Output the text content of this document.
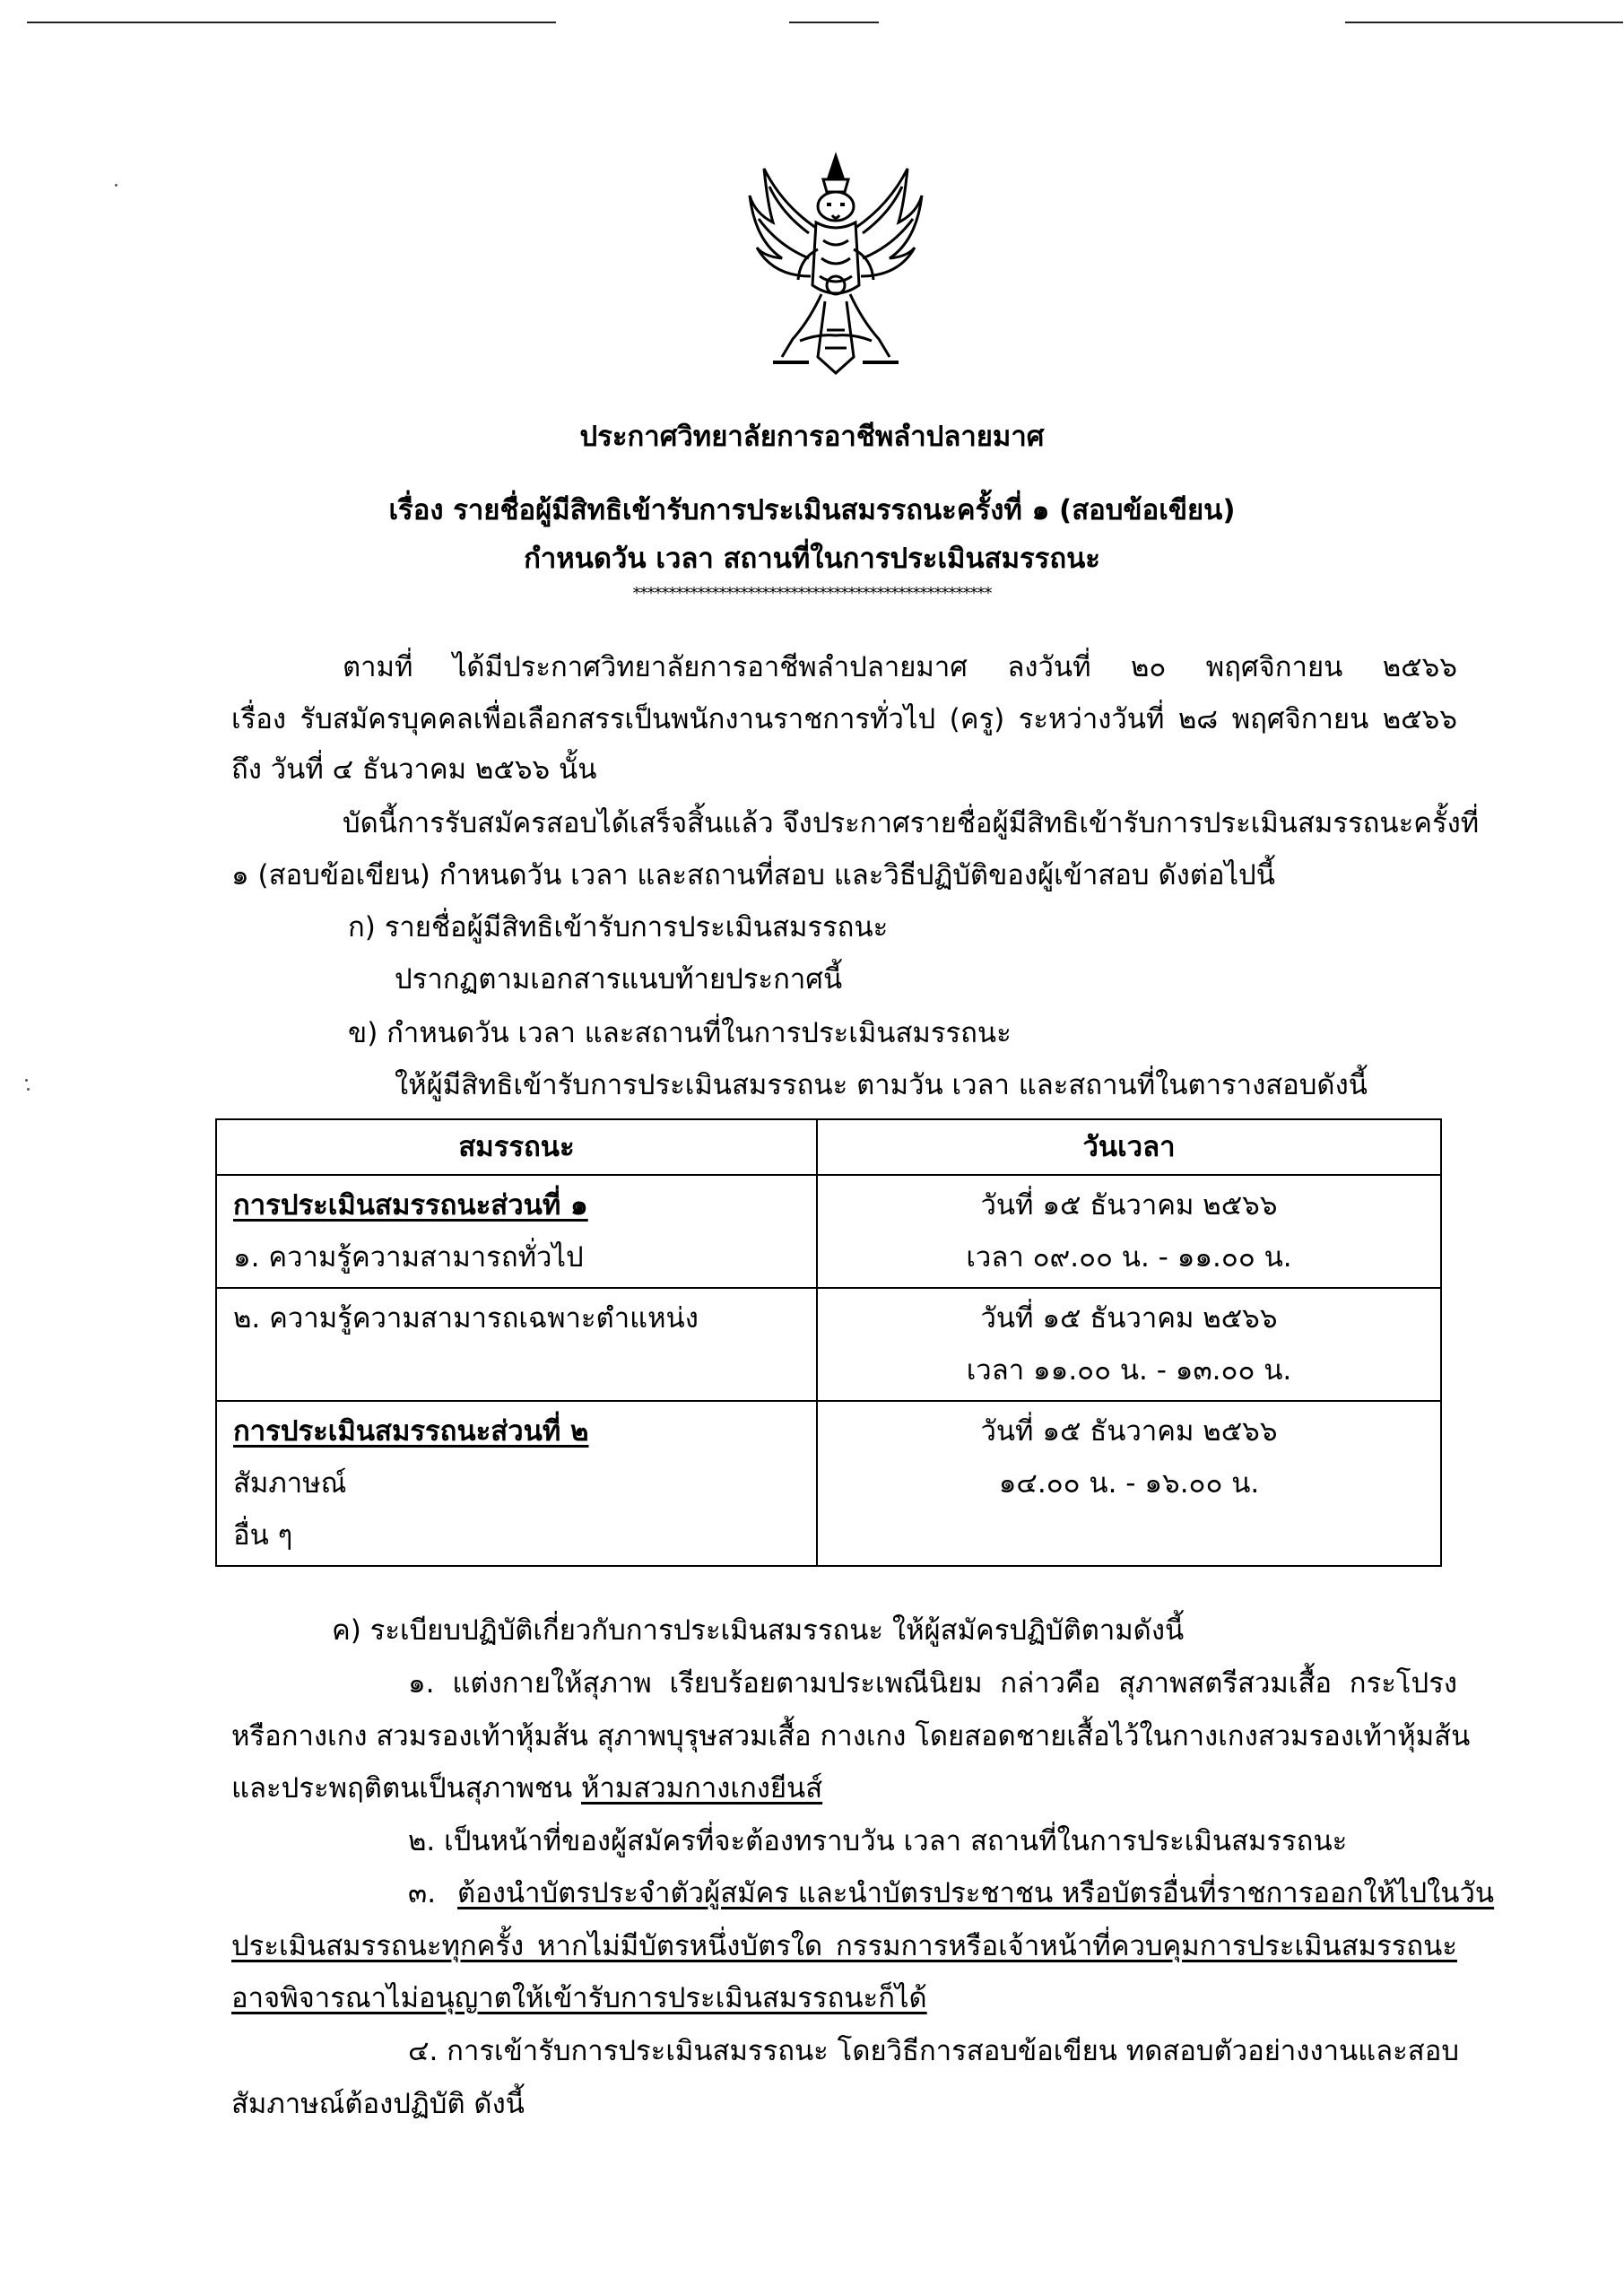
ประกาศวิทยาลัยการอาชีพลำปลายมาศ
เรื่อง รายชื่อผู้มีสิทธิเข้ารับการประเมินสมรรถนะครั้งที่ ๑ (สอบข้อเขียน)
กำหนดวัน เวลา สถานที่ในการประเมินสมรรถนะ
**************************************************
ตามที่ ได้มีประกาศวิทยาลัยการอาชีพลำปลายมาศ ลงวันที่ ๒๐ พฤศจิกายน ๒๕๖๖
เรื่อง รับสมัครบุคคลเพื่อเลือกสรรเป็นพนักงานราชการทั่วไป (ครู) ระหว่างวันที่ ๒๘ พฤศจิกายน ๒๕๖๖
ถึง วันที่ ๔ ธันวาคม ๒๕๖๖ นั้น
บัดนี้การรับสมัครสอบได้เสร็จสิ้นแล้ว จึงประกาศรายชื่อผู้มีสิทธิเข้ารับการประเมินสมรรถนะครั้งที่
๑ (สอบข้อเขียน) กำหนดวัน เวลา และสถานที่สอบ และวิธีปฏิบัติของผู้เข้าสอบ ดังต่อไปนี้
ก) รายชื่อผู้มีสิทธิเข้ารับการประเมินสมรรถนะ
ปรากฏตามเอกสารแนบท้ายประกาศนี้
ข) กำหนดวัน เวลา และสถานที่ในการประเมินสมรรถนะ
ให้ผู้มีสิทธิเข้ารับการประเมินสมรรถนะ ตามวัน เวลา และสถานที่ในตารางสอบดังนี้
สมรรถนะ	วันเวลา

การประเมินสมรรถนะส่วนที่ ๑
๑. ความรู้ความสามารถทั่วไป	วันที่ ๑๕ ธันวาคม ๒๕๖๖
เวลา ๐๙.๐๐ น. - ๑๑.๐๐ น.

๒. ความรู้ความสามารถเฉพาะตำแหน่ง	วันที่ ๑๕ ธันวาคม ๒๕๖๖
เวลา ๑๑.๐๐ น. - ๑๓.๐๐ น.

การประเมินสมรรถนะส่วนที่ ๒
สัมภาษณ์
อื่น ๆ	วันที่ ๑๕ ธันวาคม ๒๕๖๖
๑๔.๐๐ น. - ๑๖.๐๐ น.
ค) ระเบียบปฏิบัติเกี่ยวกับการประเมินสมรรถนะ ให้ผู้สมัครปฏิบัติตามดังนี้
๑. แต่งกายให้สุภาพ เรียบร้อยตามประเพณีนิยม กล่าวคือ สุภาพสตรีสวมเสื้อ กระโปรง
หรือกางเกง สวมรองเท้าหุ้มส้น สุภาพบุรุษสวมเสื้อ กางเกง โดยสอดชายเสื้อไว้ในกางเกงสวมรองเท้าหุ้มส้น
และประพฤติตนเป็นสุภาพชน ห้ามสวมกางเกงยีนส์
๒. เป็นหน้าที่ของผู้สมัครที่จะต้องทราบวัน เวลา สถานที่ในการประเมินสมรรถนะ
๓. ต้องนำบัตรประจำตัวผู้สมัคร และนำบัตรประชาชน หรือบัตรอื่นที่ราชการออกให้ไปในวัน
ประเมินสมรรถนะทุกครั้ง หากไม่มีบัตรหนึ่งบัตรใด กรรมการหรือเจ้าหน้าที่ควบคุมการประเมินสมรรถนะ
อาจพิจารณาไม่อนุญาตให้เข้ารับการประเมินสมรรถนะก็ได้
๔. การเข้ารับการประเมินสมรรถนะ โดยวิธีการสอบข้อเขียน ทดสอบตัวอย่างงานและสอบ
สัมภาษณ์ต้องปฏิบัติ ดังนี้
